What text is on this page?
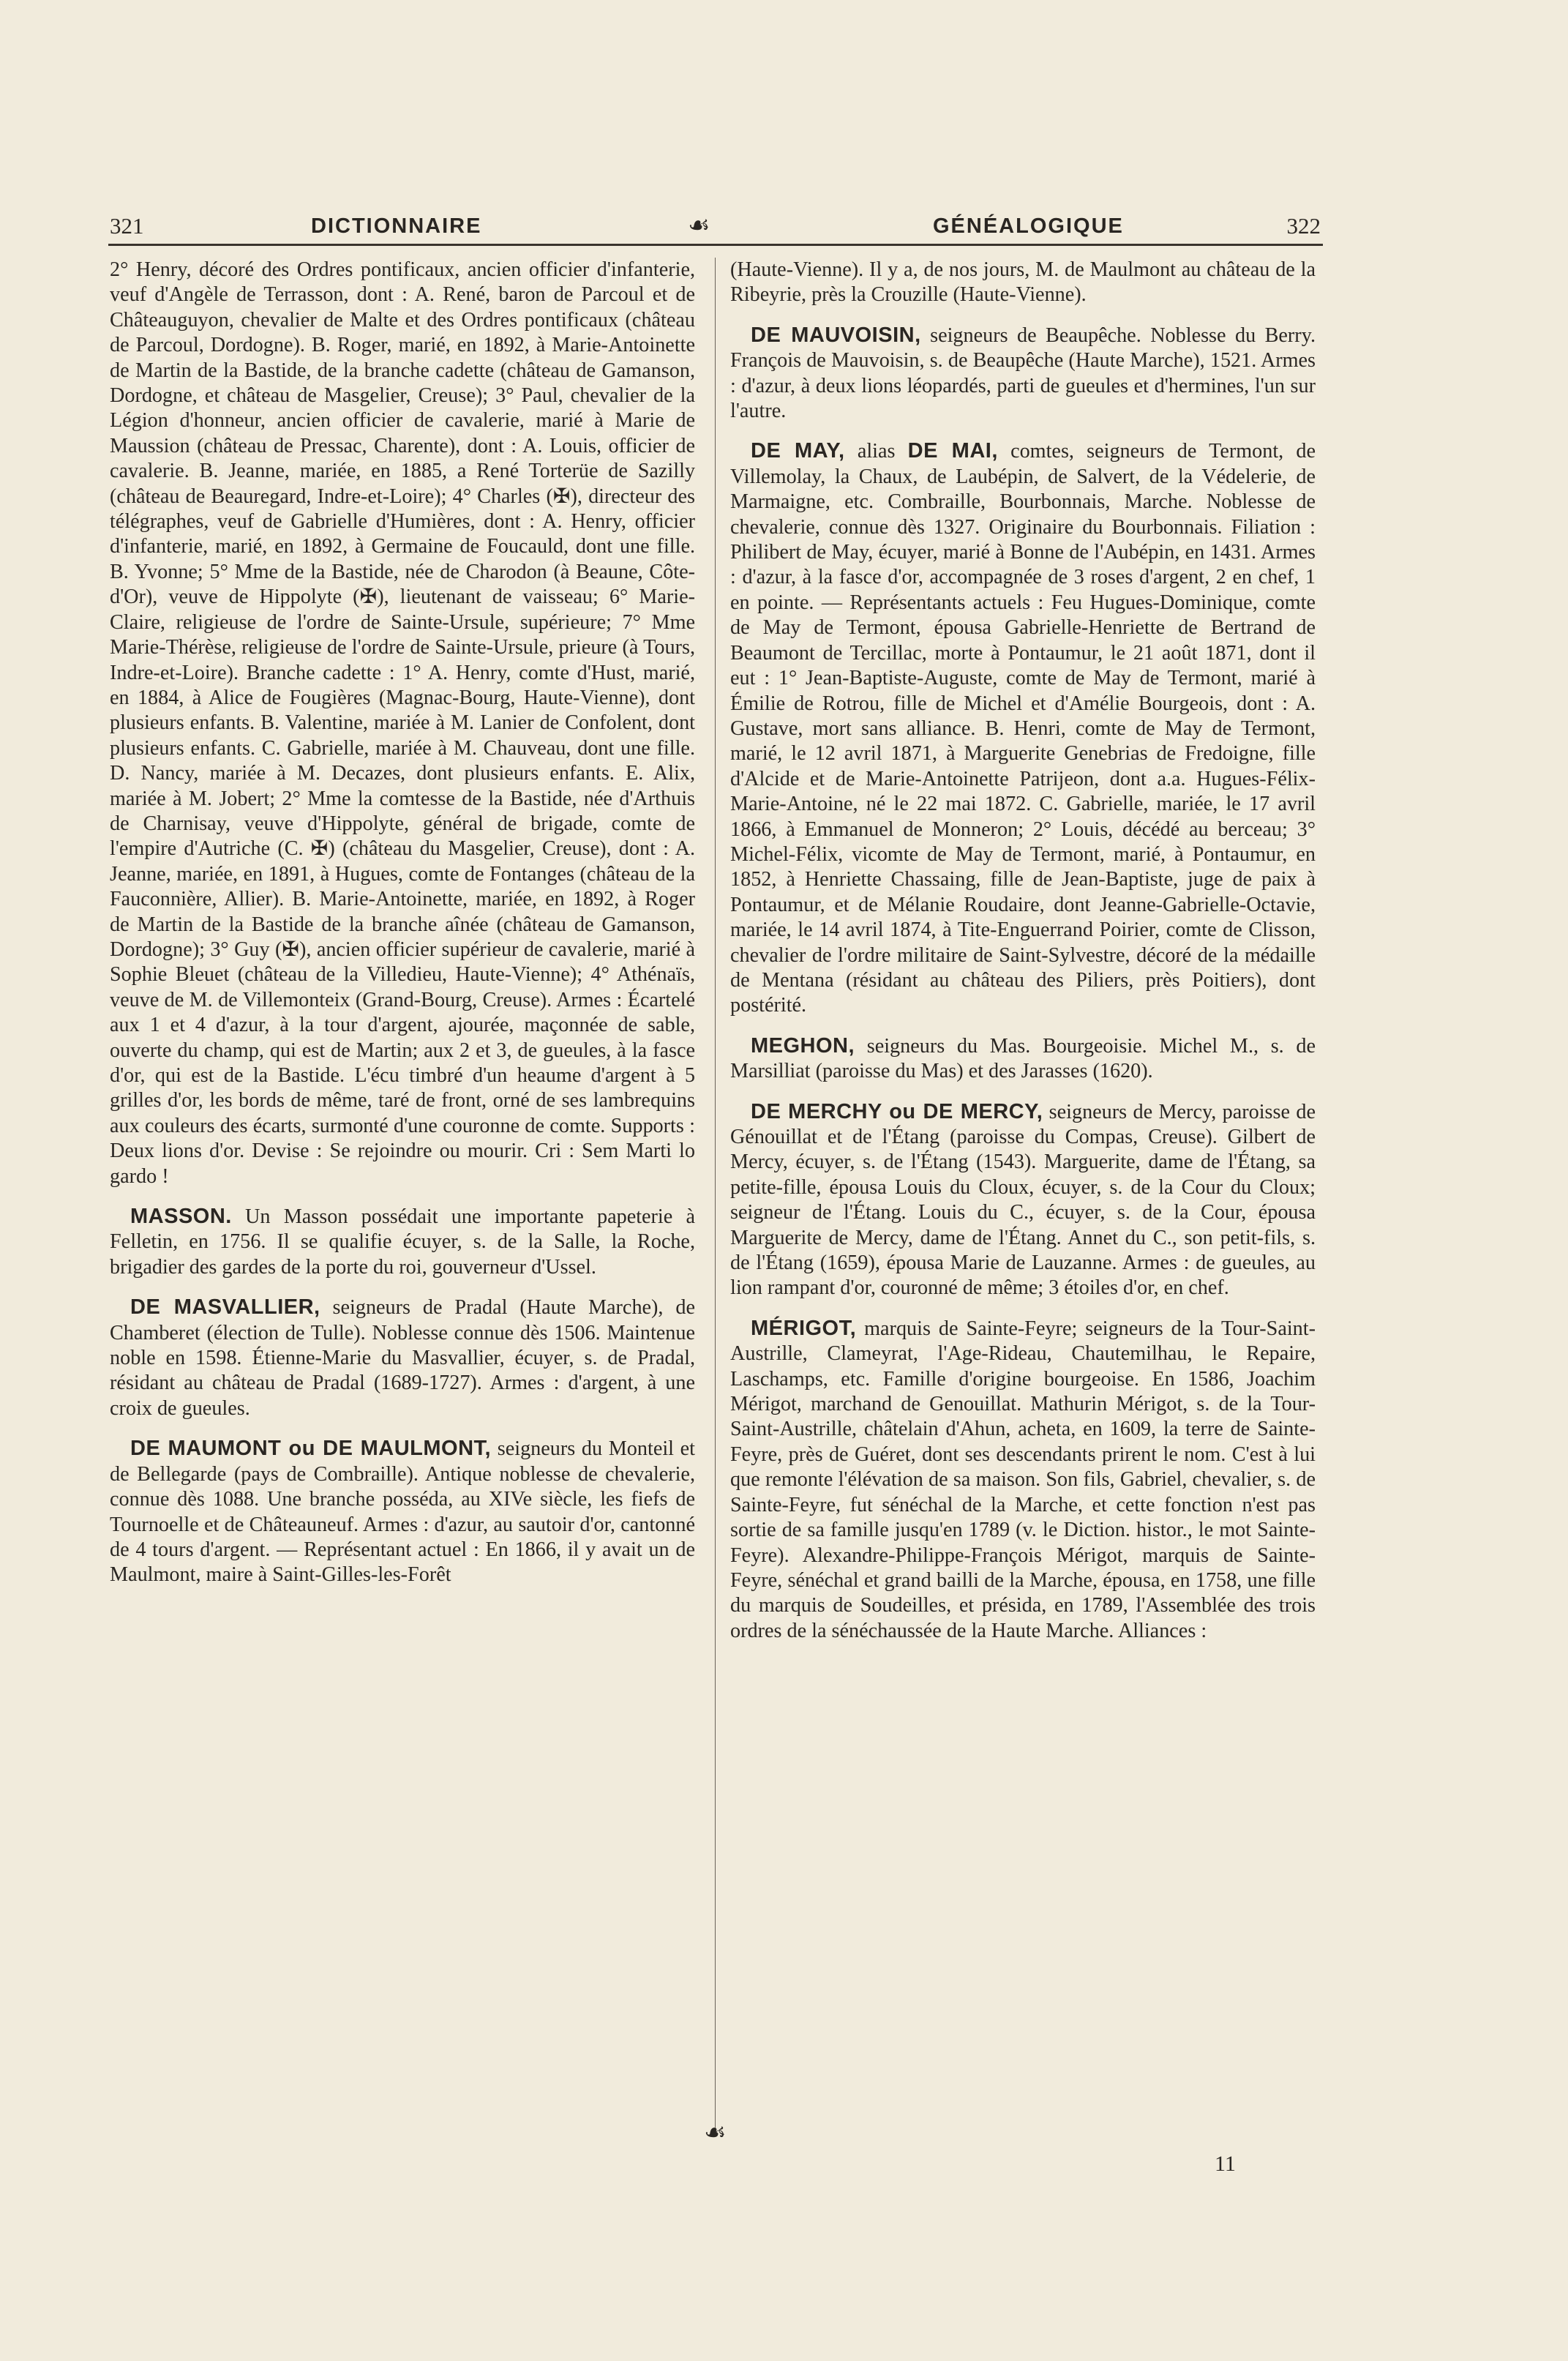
321	DICTIONNAIRE	☙	GÉNÉALOGIQUE	322
☙

2° Henry, décoré des Ordres pontificaux, ancien officier d'infanterie, veuf d'Angèle de Terrasson, dont : A. René, baron de Parcoul et de Châteauguyon, chevalier de Malte et des Ordres pontificaux (château de Parcoul, Dordogne). B. Roger, marié, en 1892, à Marie-Antoinette de Martin de la Bastide, de la branche cadette (château de Gamanson, Dordogne, et château de Masgelier, Creuse); 3° Paul, chevalier de la Légion d'honneur, ancien officier de cavalerie, marié à Marie de Maussion (château de Pressac, Charente), dont : A. Louis, officier de cavalerie. B. Jeanne, mariée, en 1885, a René Torterüe de Sazilly (château de Beauregard, Indre-et-Loire); 4° Charles (✠), directeur des télégraphes, veuf de Gabrielle d'Humières, dont : A. Henry, officier d'infanterie, marié, en 1892, à Germaine de Foucauld, dont une fille. B. Yvonne; 5° Mme de la Bastide, née de Charodon (à Beaune, Côte-d'Or), veuve de Hippolyte (✠), lieutenant de vaisseau; 6° Marie-Claire, religieuse de l'ordre de Sainte-Ursule, supérieure; 7° Mme Marie-Thérèse, religieuse de l'ordre de Sainte-Ursule, prieure (à Tours, Indre-et-Loire). Branche cadette : 1° A. Henry, comte d'Hust, marié, en 1884, à Alice de Fougières (Magnac-Bourg, Haute-Vienne), dont plusieurs enfants. B. Valentine, mariée à M. Lanier de Confolent, dont plusieurs enfants. C. Gabrielle, mariée à M. Chauveau, dont une fille. D. Nancy, mariée à M. Decazes, dont plusieurs enfants. E. Alix, mariée à M. Jobert; 2° Mme la comtesse de la Bastide, née d'Arthuis de Charnisay, veuve d'Hippolyte, général de brigade, comte de l'empire d'Autriche (C. ✠) (château du Masgelier, Creuse), dont : A. Jeanne, mariée, en 1891, à Hugues, comte de Fontanges (château de la Fauconnière, Allier). B. Marie-Antoinette, mariée, en 1892, à Roger de Martin de la Bastide de la branche aînée (château de Gamanson, Dordogne); 3° Guy (✠), ancien officier supérieur de cavalerie, marié à Sophie Bleuet (château de la Villedieu, Haute-Vienne); 4° Athénaïs, veuve de M. de Villemonteix (Grand-Bourg, Creuse). Armes : Écartelé aux 1 et 4 d'azur, à la tour d'argent, ajourée, maçonnée de sable, ouverte du champ, qui est de Martin; aux 2 et 3, de gueules, à la fasce d'or, qui est de la Bastide. L'écu timbré d'un heaume d'argent à 5 grilles d'or, les bords de même, taré de front, orné de ses lambrequins aux couleurs des écarts, surmonté d'une couronne de comte. Supports : Deux lions d'or. Devise : Se rejoindre ou mourir. Cri : Sem Marti lo gardo !

MASSON. Un Masson possédait une importante papeterie à Felletin, en 1756. Il se qualifie écuyer, s. de la Salle, la Roche, brigadier des gardes de la porte du roi, gouverneur d'Ussel.

DE MASVALLIER, seigneurs de Pradal (Haute Marche), de Chamberet (élection de Tulle). Noblesse connue dès 1506. Maintenue noble en 1598. Étienne-Marie du Masvallier, écuyer, s. de Pradal, résidant au château de Pradal (1689-1727). Armes : d'argent, à une croix de gueules.

DE MAUMONT ou DE MAULMONT, seigneurs du Monteil et de Bellegarde (pays de Combraille). Antique noblesse de chevalerie, connue dès 1088. Une branche posséda, au XIVe siècle, les fiefs de Tournoelle et de Châteauneuf. Armes : d'azur, au sautoir d'or, cantonné de 4 tours d'argent. — Représentant actuel : En 1866, il y avait un de Maulmont, maire à Saint-Gilles-les-Forêt

(Haute-Vienne). Il y a, de nos jours, M. de Maulmont au château de la Ribeyrie, près la Crouzille (Haute-Vienne).

DE MAUVOISIN, seigneurs de Beaupêche. Noblesse du Berry. François de Mauvoisin, s. de Beaupêche (Haute Marche), 1521. Armes : d'azur, à deux lions léopardés, parti de gueules et d'hermines, l'un sur l'autre.

DE MAY, alias DE MAI, comtes, seigneurs de Termont, de Villemolay, la Chaux, de Laubépin, de Salvert, de la Védelerie, de Marmaigne, etc. Combraille, Bourbonnais, Marche. Noblesse de chevalerie, connue dès 1327. Originaire du Bourbonnais. Filiation : Philibert de May, écuyer, marié à Bonne de l'Aubépin, en 1431. Armes : d'azur, à la fasce d'or, accompagnée de 3 roses d'argent, 2 en chef, 1 en pointe. — Représentants actuels : Feu Hugues-Dominique, comte de May de Termont, épousa Gabrielle-Henriette de Bertrand de Beaumont de Tercillac, morte à Pontaumur, le 21 août 1871, dont il eut : 1° Jean-Baptiste-Auguste, comte de May de Termont, marié à Émilie de Rotrou, fille de Michel et d'Amélie Bourgeois, dont : A. Gustave, mort sans alliance. B. Henri, comte de May de Termont, marié, le 12 avril 1871, à Marguerite Genebrias de Fredoigne, fille d'Alcide et de Marie-Antoinette Patrijeon, dont a.a. Hugues-Félix-Marie-Antoine, né le 22 mai 1872. C. Gabrielle, mariée, le 17 avril 1866, à Emmanuel de Monneron; 2° Louis, décédé au berceau; 3° Michel-Félix, vicomte de May de Termont, marié, à Pontaumur, en 1852, à Henriette Chassaing, fille de Jean-Baptiste, juge de paix à Pontaumur, et de Mélanie Roudaire, dont Jeanne-Gabrielle-Octavie, mariée, le 14 avril 1874, à Tite-Enguerrand Poirier, comte de Clisson, chevalier de l'ordre militaire de Saint-Sylvestre, décoré de la médaille de Mentana (résidant au château des Piliers, près Poitiers), dont postérité.

MEGHON, seigneurs du Mas. Bourgeoisie. Michel M., s. de Marsilliat (paroisse du Mas) et des Jarasses (1620).

DE MERCHY ou DE MERCY, seigneurs de Mercy, paroisse de Génouillat et de l'Étang (paroisse du Compas, Creuse). Gilbert de Mercy, écuyer, s. de l'Étang (1543). Marguerite, dame de l'Étang, sa petite-fille, épousa Louis du Cloux, écuyer, s. de la Cour du Cloux; seigneur de l'Étang. Louis du C., écuyer, s. de la Cour, épousa Marguerite de Mercy, dame de l'Étang. Annet du C., son petit-fils, s. de l'Étang (1659), épousa Marie de Lauzanne. Armes : de gueules, au lion rampant d'or, couronné de même; 3 étoiles d'or, en chef.

MÉRIGOT, marquis de Sainte-Feyre; seigneurs de la Tour-Saint-Austrille, Clameyrat, l'Age-Rideau, Chautemilhau, le Repaire, Laschamps, etc. Famille d'origine bourgeoise. En 1586, Joachim Mérigot, marchand de Genouillat. Mathurin Mérigot, s. de la Tour-Saint-Austrille, châtelain d'Ahun, acheta, en 1609, la terre de Sainte-Feyre, près de Guéret, dont ses descendants prirent le nom. C'est à lui que remonte l'élévation de sa maison. Son fils, Gabriel, chevalier, s. de Sainte-Feyre, fut sénéchal de la Marche, et cette fonction n'est pas sortie de sa famille jusqu'en 1789 (v. le Diction. histor., le mot Sainte-Feyre). Alexandre-Philippe-François Mérigot, marquis de Sainte-Feyre, sénéchal et grand bailli de la Marche, épousa, en 1758, une fille du marquis de Soudeilles, et présida, en 1789, l'Assemblée des trois ordres de la sénéchaussée de la Haute Marche. Alliances :

11
